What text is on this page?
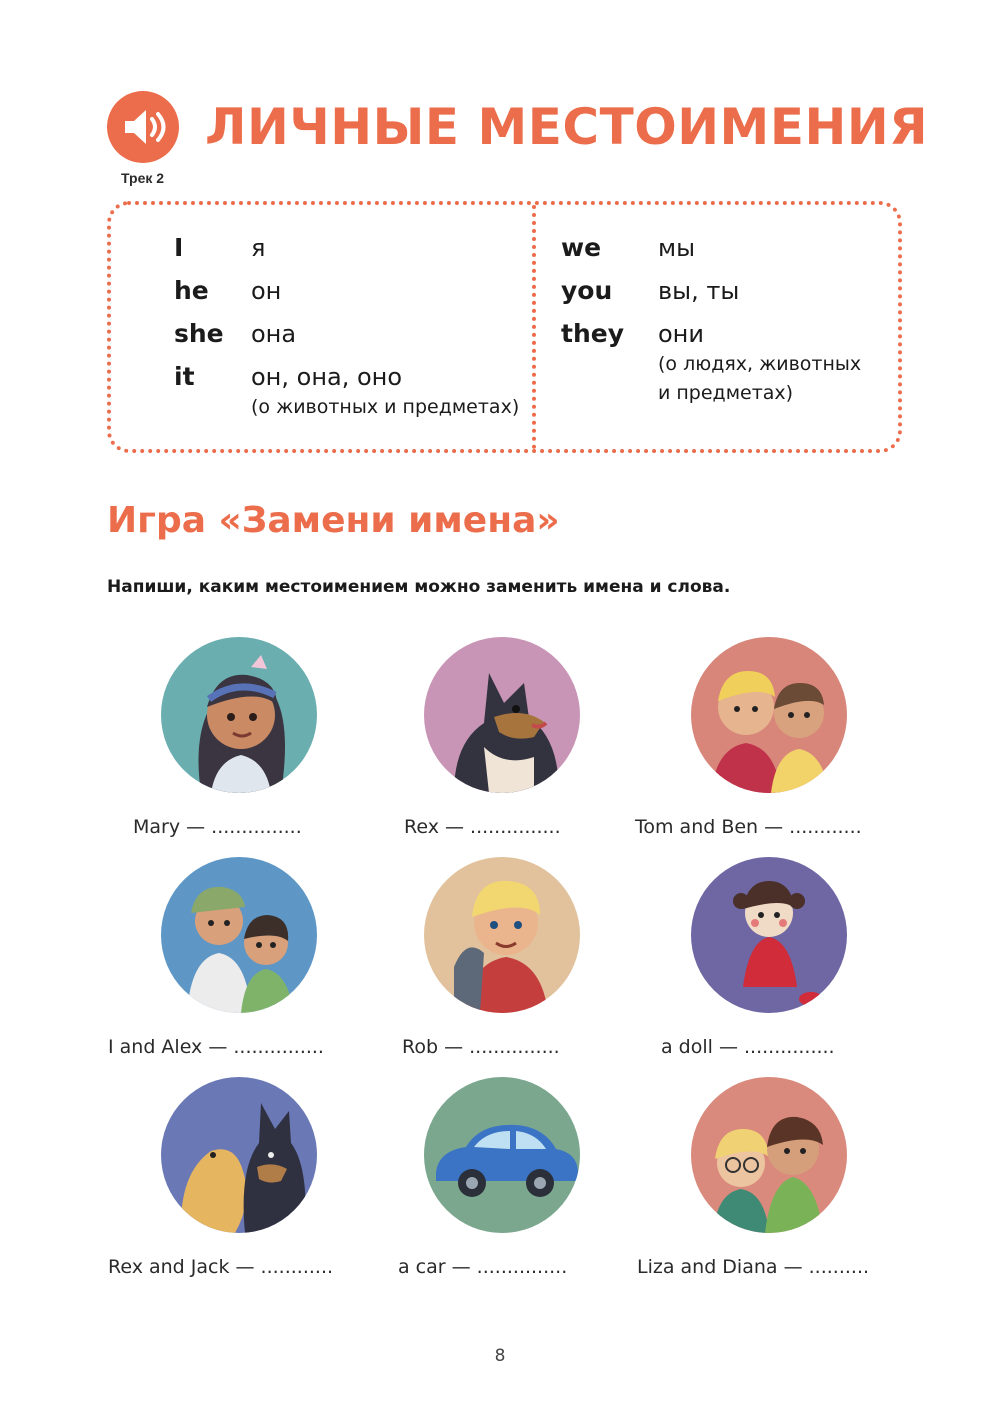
Трек 2
ЛИЧНЫЕ МЕСТОИМЕНИЯ
I	я
he он
she она
it он, она, оно
(о животных и предметах)
we мы
you вы, ты
they они
(о людях, животных
и предметах)
Игра «Замени имена»
Напиши, каким местоимением можно заменить имена и слова.
Mary — ...............	Rex — ...............	Tom and Ben — ............
I and Alex — ...............	Rob — ...............	a doll — ...............
Rex and Jack — ............	a car — ...............	Liza and Diana — ..........
8
